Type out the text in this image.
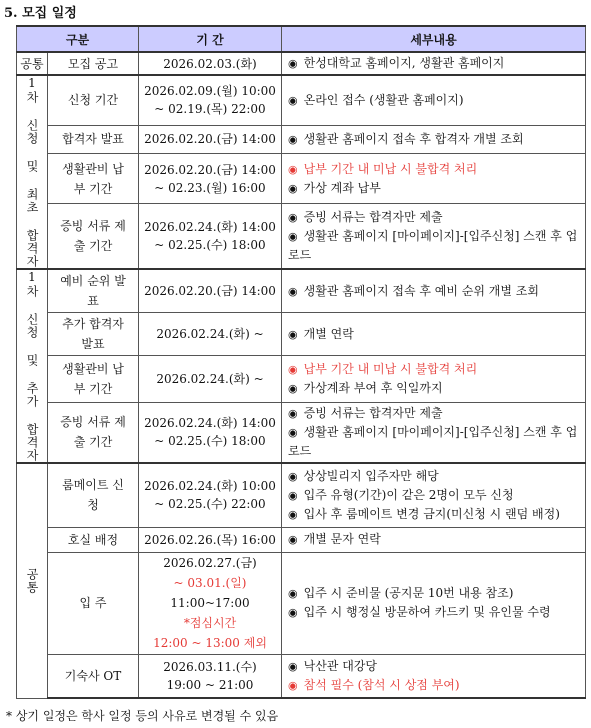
5. 모집 일정
구분		기 간	세부내용

공통	모집 공고	2026.02.03.(화)	◉ 한성대학교 홈페이지, 생활관 홈페이지

1차 신청 및 최초 합격자	신청 기간	2026.02.09.(월) 10:00
~ 02.19.(목) 22:00	◉ 온라인 접수 (생활관 홈페이지)

	합격자 발표	2026.02.20.(금) 14:00	◉ 생활관 홈페이지 접속 후 합격자 개별 조회

	생활관비 납부 기간	2026.02.20.(금) 14:00
~ 02.23.(월) 16:00	◉ 납부 기간 내 미납 시 불합격 처리
◉ 가상 계좌 납부

	증빙 서류 제출 기간	2026.02.24.(화) 14:00
~ 02.25.(수) 18:00	◉ 증빙 서류는 합격자만 제출
◉ 생활관 홈페이지 [마이페이지]-[입주신청] 스캔 후 업로드

1차 신청 및 추가 합격자	예비 순위 발표	2026.02.20.(금) 14:00	◉ 생활관 홈페이지 접속 후 예비 순위 개별 조회

	추가 합격자 발표	2026.02.24.(화) ~	◉ 개별 연락

	생활관비 납부 기간	2026.02.24.(화) ~	◉ 납부 기간 내 미납 시 불합격 처리
◉ 가상계좌 부여 후 익일까지

	증빙 서류 제출 기간	2026.02.24.(화) 14:00
~ 02.25.(수) 18:00	◉ 증빙 서류는 합격자만 제출
◉ 생활관 홈페이지 [마이페이지]-[입주신청] 스캔 후 업로드

공통	룸메이트 신청	2026.02.24.(화) 10:00
~ 02.25.(수) 22:00	◉ 상상빌리지 입주자만 해당
◉ 입주 유형(기간)이 같은 2명이 모두 신청
◉ 입사 후 룸메이트 변경 금지(미신청 시 랜덤 배정)

	호실 배정	2026.02.26.(목) 16:00	◉ 개별 문자 연락

	입 주	2026.02.27.(금)
~ 03.01.(일)
11:00~17:00
*점심시간
12:00 ~ 13:00 제외	◉ 입주 시 준비물 (공지문 10번 내용 참조)
◉ 입주 시 행정실 방문하여 카드키 및 유인물 수령

	기숙사 OT	2026.03.11.(수)
19:00 ~ 21:00	◉ 낙산관 대강당
◉ 참석 필수 (참석 시 상점 부여)
* 상기 일정은 학사 일정 등의 사유로 변경될 수 있음
